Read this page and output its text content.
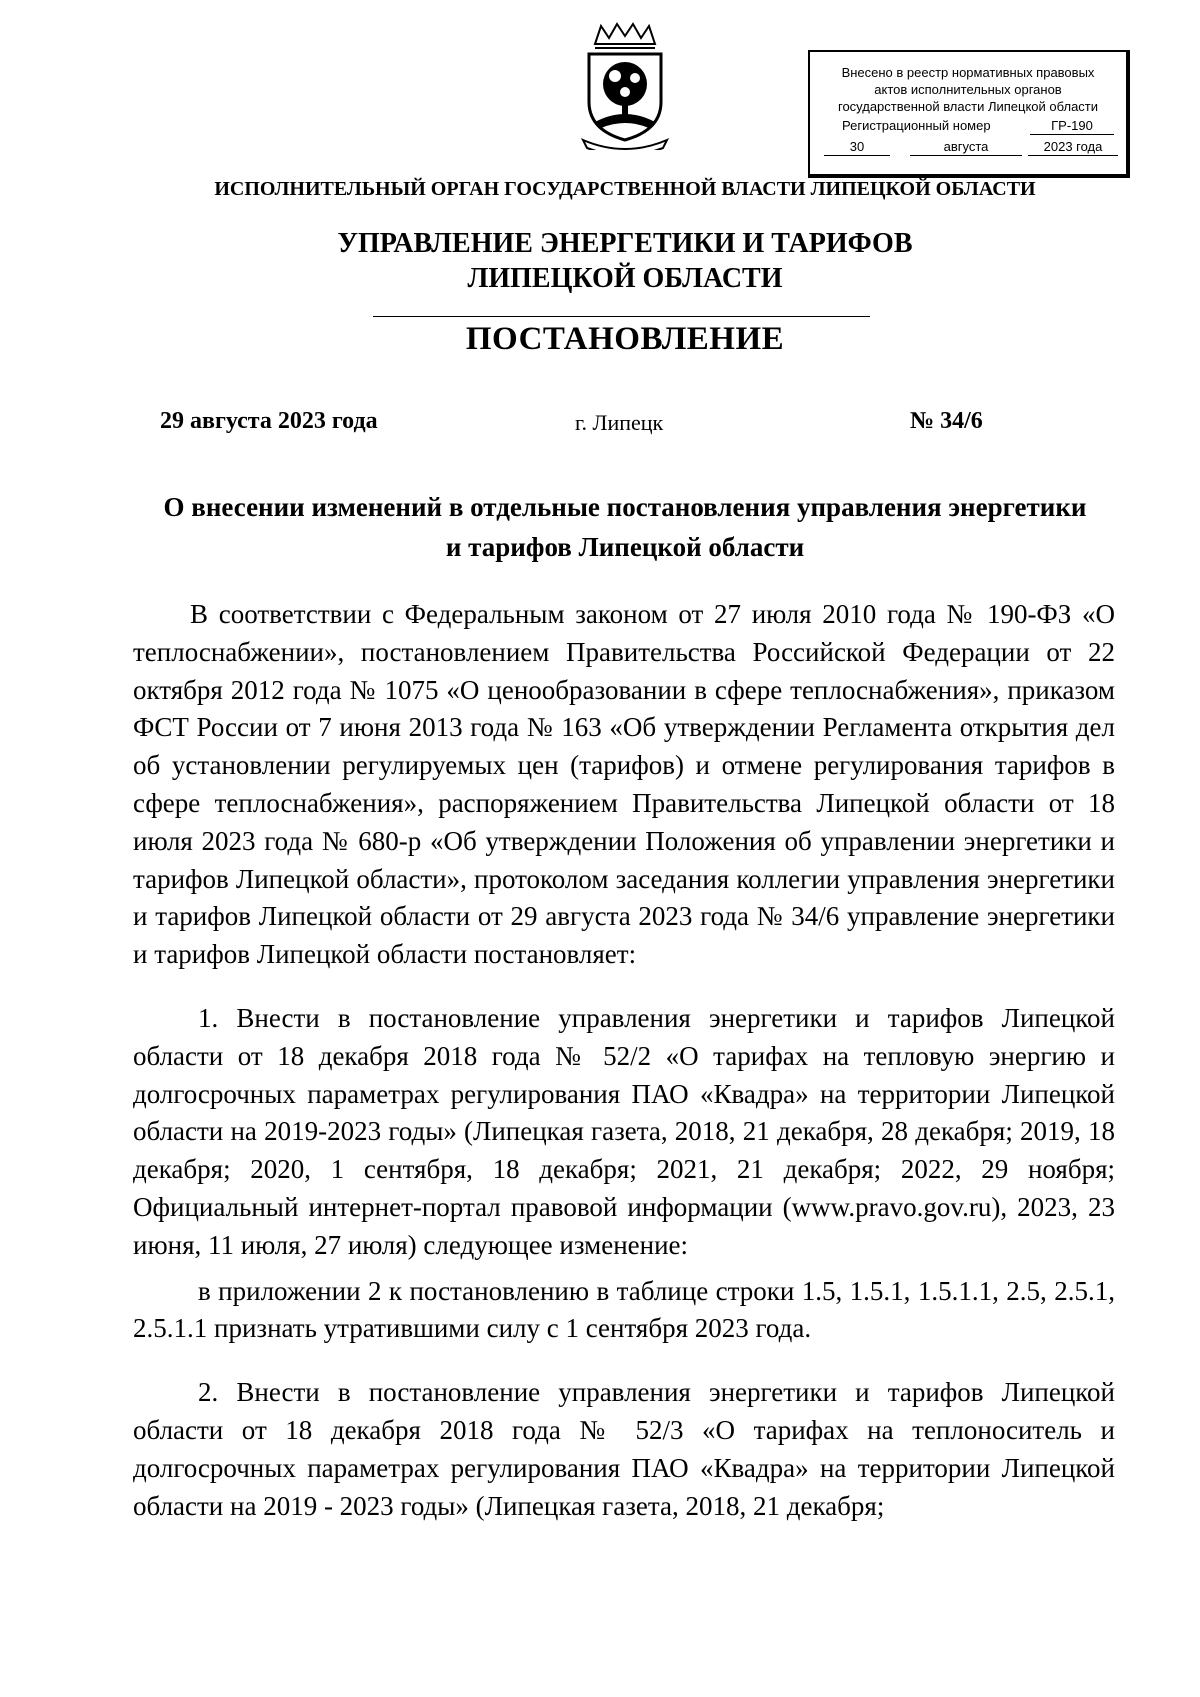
Внесено в реестр нормативных правовых
актов исполнительных органов
государственной власти Липецкой области
Регистрационный номер	ГР-190
30	августа	2023 года
ИСПОЛНИТЕЛЬНЫЙ ОРГАН ГОСУДАРСТВЕННОЙ ВЛАСТИ ЛИПЕЦКОЙ ОБЛАСТИ
УПРАВЛЕНИЕ ЭНЕРГЕТИКИ И ТАРИФОВ
ЛИПЕЦКОЙ ОБЛАСТИ
ПОСТАНОВЛЕНИЕ
29 августа 2023 года	г. Липецк	№ 34/6
О внесении изменений в отдельные постановления управления энергетики
и тарифов Липецкой области

В соответствии с Федеральным законом от 27 июля 2010 года № 190-ФЗ «О теплоснабжении», постановлением Правительства Российской Федерации от 22 октября 2012 года № 1075 «О ценообразовании в сфере теплоснабжения», приказом ФСТ России от 7 июня 2013 года № 163 «Об утверждении Регламента открытия дел об установлении регулируемых цен (тарифов) и отмене регулирования тарифов в сфере теплоснабжения», распоряжением Правительства Липецкой области от 18 июля 2023 года № 680-р «Об утверждении Положения об управлении энергетики и тарифов Липецкой области», протоколом заседания коллегии управления энергетики и тарифов Липецкой области от 29 августа 2023 года № 34/6 управление энергетики и тарифов Липецкой области постановляет:

1. Внести в постановление управления энергетики и тарифов Липецкой области от 18 декабря 2018 года № 52/2 «О тарифах на тепловую энергию и долгосрочных параметрах регулирования ПАО «Квадра» на территории Липецкой области на 2019-2023 годы» (Липецкая газета, 2018, 21 декабря, 28 декабря; 2019, 18 декабря; 2020, 1 сентября, 18 декабря; 2021, 21 декабря; 2022, 29 ноября; Официальный интернет-портал правовой информации (www.pravo.gov.ru), 2023, 23 июня, 11 июля, 27 июля) следующее изменение:

в приложении 2 к постановлению в таблице строки 1.5, 1.5.1, 1.5.1.1, 2.5, 2.5.1, 2.5.1.1 признать утратившими силу с 1 сентября 2023 года.

2. Внести в постановление управления энергетики и тарифов Липецкой области от 18 декабря 2018 года № 52/3 «О тарифах на теплоноситель и долгосрочных параметрах регулирования ПАО «Квадра» на территории Липецкой области на 2019 - 2023 годы» (Липецкая газета, 2018, 21 декабря;
